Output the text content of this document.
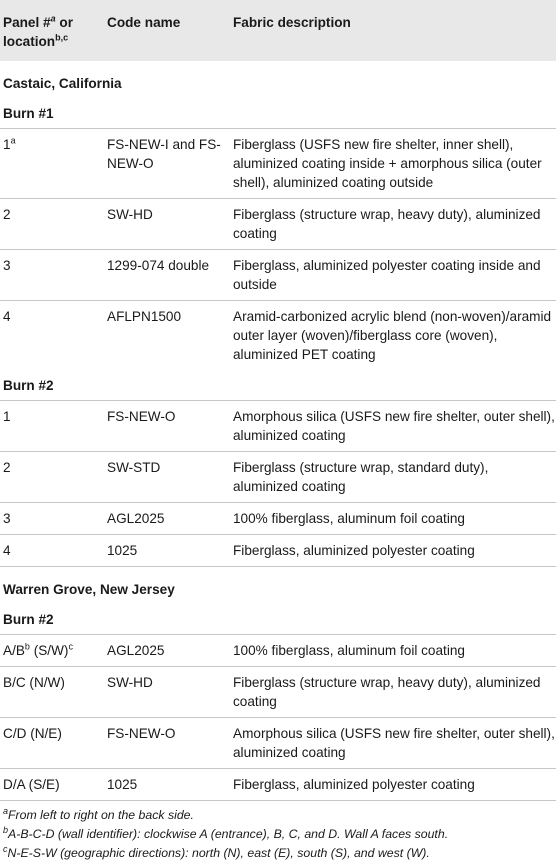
Panel #$^a$ or
location$^{b,c}$	Code name	Fabric description
Castaic, California		
Burn #1		
1$^a$	FS-NEW-I and FS-NEW-O	Fiberglass (USFS new fire shelter, inner shell), aluminized coating inside + amorphous silica (outer shell), aluminized coating outside
2	SW-HD	Fiberglass (structure wrap, heavy duty), aluminized coating
3	1299-074 double	Fiberglass, aluminized polyester coating inside and outside
4	AFLPN1500	Aramid-carbonized acrylic blend (non-woven)/aramid outer layer (woven)/fiberglass core (woven), aluminized PET coating
Burn #2		
1	FS-NEW-O	Amorphous silica (USFS new fire shelter, outer shell), aluminized coating
2	SW-STD	Fiberglass (structure wrap, standard duty), aluminized coating
3	AGL2025	100% fiberglass, aluminum foil coating
4	1025	Fiberglass, aluminized polyester coating
Warren Grove, New Jersey		
Burn #2		
$A/B^b$ $(S/W)^c$	AGL2025	100% fiberglass, aluminum foil coating
B/C (N/W)	SW-HD	Fiberglass (structure wrap, heavy duty), aluminized coating
C/D (N/E)	FS-NEW-O	Amorphous silica (USFS new fire shelter, outer shell), aluminized coating
D/A (S/E)	1025	Fiberglass, aluminized polyester coating
$^a$From left to right on the back side.
$^b$A-B-C-D (wall identifier): clockwise A (entrance), B, C, and D. Wall A faces south.
$^c$N-E-S-W (geographic directions): north (N), east (E), south (S), and west (W).
